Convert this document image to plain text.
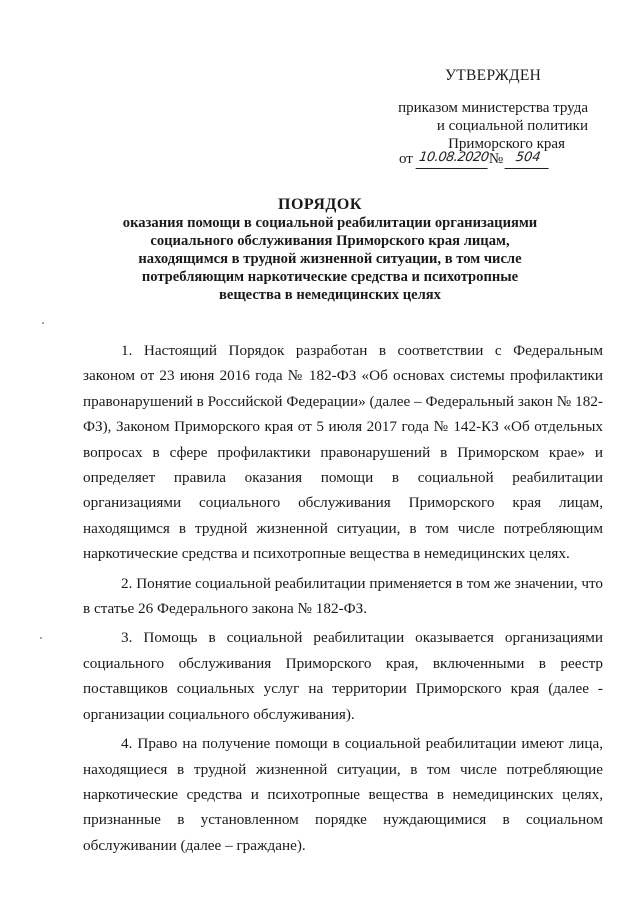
УТВЕРЖДЕН
приказом министерства труда
и социальной политики
Приморского края
от 10.08.2020 № 504
ПОРЯДОК
оказания помощи в социальной реабилитации организациями
социального обслуживания Приморского края лицам,
находящимся в трудной жизненной ситуации, в том числе
потребляющим наркотические средства и психотропные
вещества в немедицинских целях

1. Настоящий Порядок разработан в соответствии с Федеральным законом от 23 июня 2016 года № 182-ФЗ «Об основах системы профилактики правонарушений в Российской Федерации» (далее – Федеральный закон № 182-ФЗ), Законом Приморского края от 5 июля 2017 года № 142-КЗ «Об отдельных вопросах в сфере профилактики правонарушений в Приморском крае» и определяет правила оказания помощи в социальной реабилитации организациями социального обслуживания Приморского края лицам, находящимся в трудной жизненной ситуации, в том числе потребляющим наркотические средства и психотропные вещества в немедицинских целях.

2. Понятие социальной реабилитации применяется в том же значении, что в статье 26 Федерального закона № 182-ФЗ.

3. Помощь в социальной реабилитации оказывается организациями социального обслуживания Приморского края, включенными в реестр поставщиков социальных услуг на территории Приморского края (далее - организации социального обслуживания).

4. Право на получение помощи в социальной реабилитации имеют лица, находящиеся в трудной жизненной ситуации, в том числе потребляющие наркотические средства и психотропные вещества в немедицинских целях, признанные в установленном порядке нуждающимися в социальном обслуживании (далее – граждане).
